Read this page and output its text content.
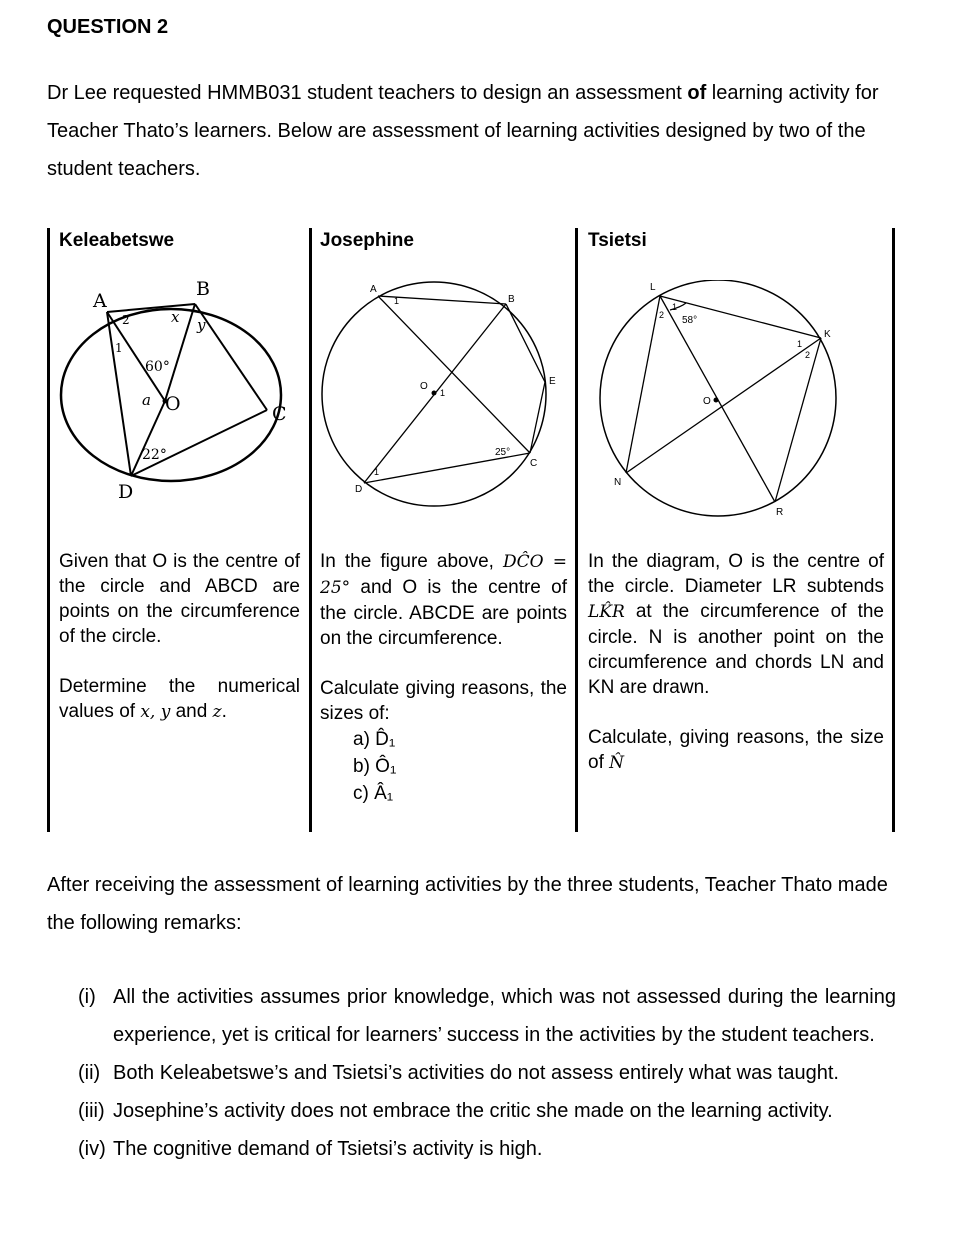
QUESTION 2
Dr Lee requested HMMB031 student teachers to design an assessment of learning activity for Teacher Thato’s learners. Below are assessment of learning activities designed by two of the student teachers.
Keleabetswe	Josephine	Tsietsi
A
B
C
D
O
x y
a
1
2
60°
22°
A
B
C
D
E
O
1
1
1
25°
L
K
R
N
O
1
2
1
2
58°
Given that O is the centre of the circle and ABCD are points on the circumference of the circle.
Determine the numerical values of x, y and z.
In the figure above, DĈO = 25° and O is the centre of the circle. ABCDE are points on the circumference.
Calculate giving reasons, the sizes of:
a) D̂₁
b) Ô₁
c) Â₁
In the diagram, O is the centre of the circle. Diameter LR subtends LK̂R at the circumference of the circle. N is another point on the circumference and chords LN and KN are drawn.
Calculate, giving reasons, the size of N̂
After receiving the assessment of learning activities by the three students, Teacher Thato made the following remarks:
(i) All the activities assumes prior knowledge, which was not assessed during the learning experience, yet is critical for learners’ success in the activities by the student teachers.
(ii) Both Keleabetswe’s and Tsietsi’s activities do not assess entirely what was taught.
(iii) Josephine’s activity does not embrace the critic she made on the learning activity.
(iv) The cognitive demand of Tsietsi’s activity is high.
